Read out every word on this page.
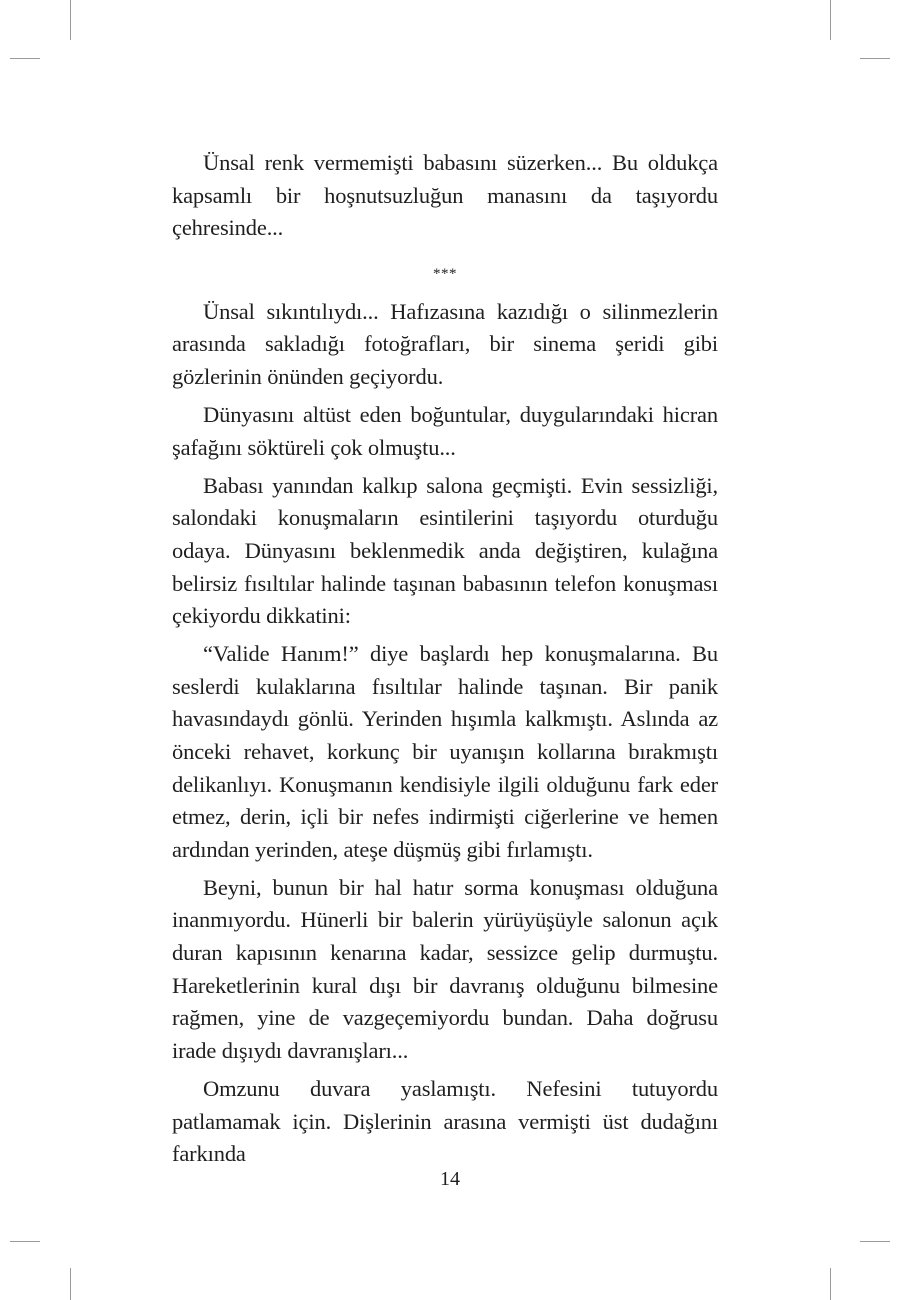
Ünsal renk vermemişti babasını süzerken... Bu oldukça kapsamlı bir hoşnutsuzluğun manasını da taşıyordu çehresinde...

***

Ünsal sıkıntılıydı... Hafızasına kazıdığı o silinmezlerin arasında sakladığı fotoğrafları, bir sinema şeridi gibi gözlerinin önünden geçiyordu.

Dünyasını altüst eden boğuntular, duygularındaki hicran şafağını söktüreli çok olmuştu...

Babası yanından kalkıp salona geçmişti. Evin sessizliği, salondaki konuşmaların esintilerini taşıyordu oturduğu odaya. Dünyasını beklenmedik anda değiştiren, kulağına belirsiz fısıltılar halinde taşınan babasının telefon konuşması çekiyordu dikkatini:

“Valide Hanım!” diye başlardı hep konuşmalarına. Bu seslerdi kulaklarına fısıltılar halinde taşınan. Bir panik havasındaydı gönlü. Yerinden hışımla kalkmıştı. Aslında az önceki rehavet, korkunç bir uyanışın kollarına bırakmıştı delikanlıyı. Konuşmanın kendisiyle ilgili olduğunu fark eder etmez, derin, içli bir nefes indirmişti ciğerlerine ve hemen ardından yerinden, ateşe düşmüş gibi fırlamıştı.

Beyni, bunun bir hal hatır sorma konuşması olduğuna inanmıyordu. Hünerli bir balerin yürüyüşüyle salonun açık duran kapısının kenarına kadar, sessizce gelip durmuştu. Hareketlerinin kural dışı bir davranış olduğunu bilmesine rağmen, yine de vazgeçemiyordu bundan. Daha doğrusu irade dışıydı davranışları...

Omzunu duvara yaslamıştı. Nefesini tutuyordu patlamamak için. Dişlerinin arasına vermişti üst dudağını farkında

14
